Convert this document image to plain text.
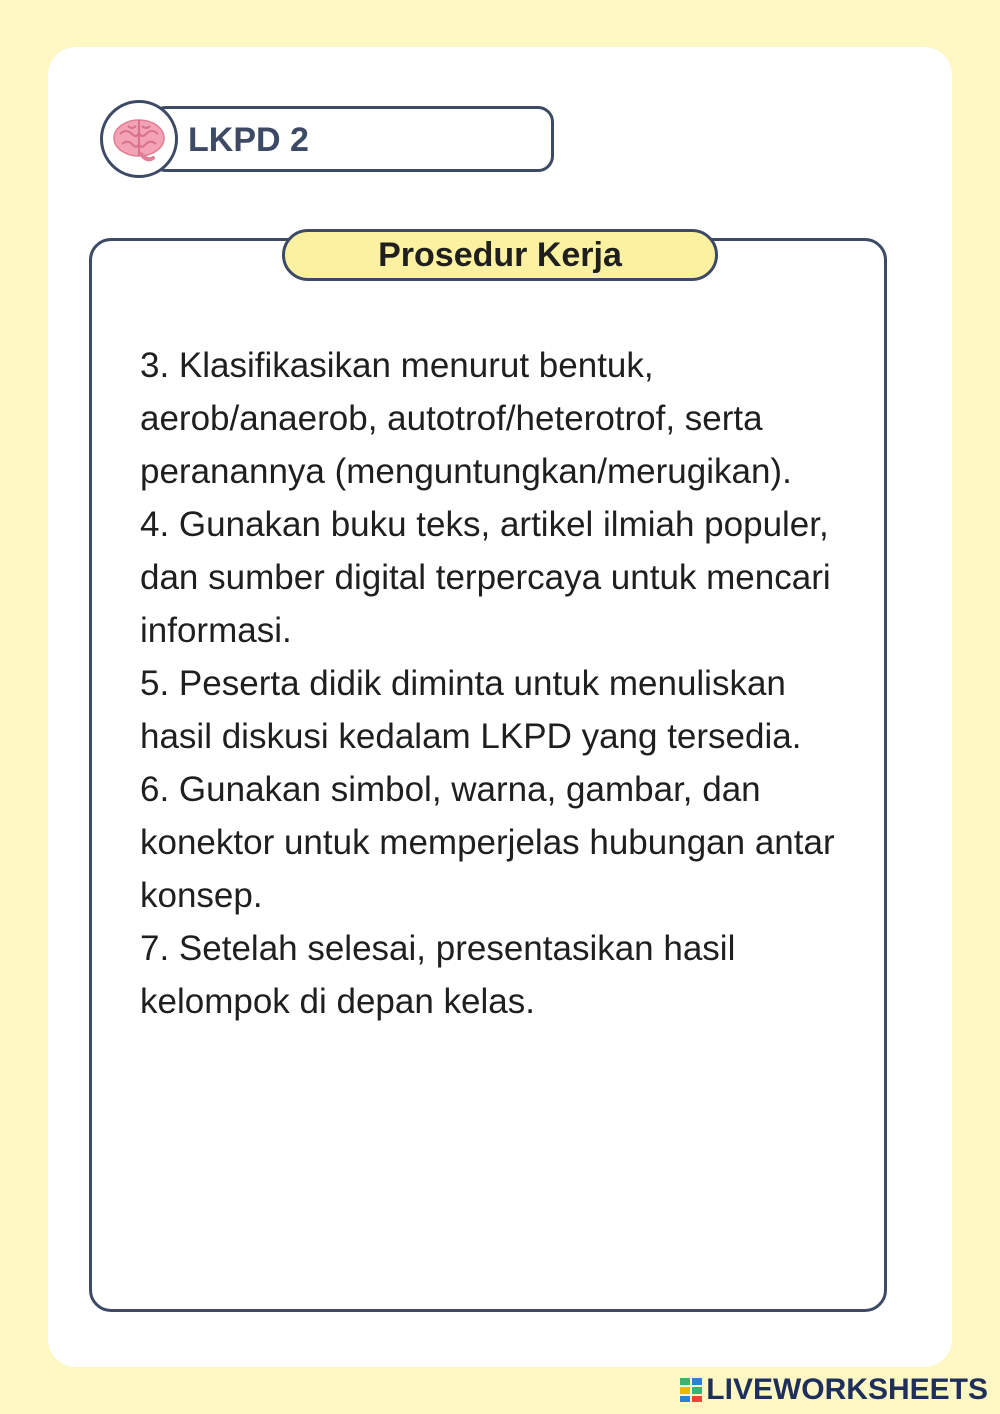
LKPD 2
Prosedur Kerja

3. Klasifikasikan menurut bentuk, aerob/anaerob, autotrof/heterotrof, serta peranannya (menguntungkan/merugikan).

4. Gunakan buku teks, artikel ilmiah populer, dan sumber digital terpercaya untuk mencari informasi.

5. Peserta didik diminta untuk menuliskan hasil diskusi kedalam LKPD yang tersedia.

6. Gunakan simbol, warna, gambar, dan konektor untuk memperjelas hubungan antar konsep.

7. Setelah selesai, presentasikan hasil kelompok di depan kelas.

LIVEWORKSHEETS
